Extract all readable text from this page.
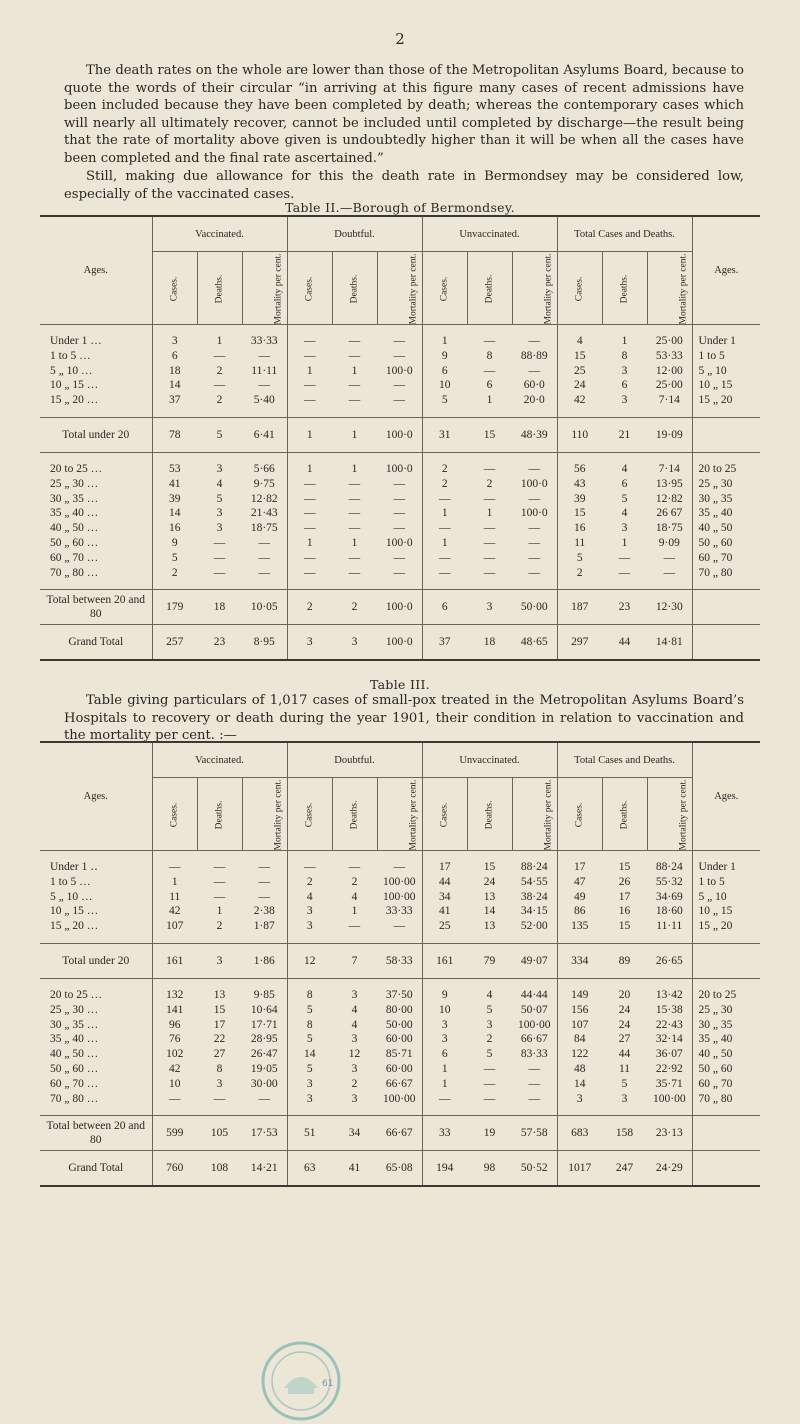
2

The death rates on the whole are lower than those of the Metropolitan Asylums Board, because to quote the words of their circular “in arriving at this figure many cases of recent admissions have been included because they have been completed by death; whereas the contemporary cases which will nearly all ultimately recover, cannot be included until completed by discharge—the result being that the rate of mortality above given is undoubtedly higher than it will be when all the cases have been completed and the final rate ascertained.”

Still, making due allowance for this the death rate in Bermondsey may be considered low, especially of the vaccinated cases.

Table II.—Borough of Bermondsey.
Ages.	Vaccinated.			Doubtful.			Unvaccinated.			Total Cases and Deaths.			Ages.
	Cases.	Deaths.	Mortality per cent.	Cases.	Deaths.	Mortality per cent.	Cases.	Deaths.	Mortality per cent.	Cases.	Deaths.	Mortality per cent.	

Under 1 …	3	1	33·33	—	—	—	1	—	—	4	1	25·00	Under 1
1 to 5 …	6	—	—	—	—	—	9	8	88·89	15	8	53·33	1 to 5
5 „ 10 …	18	2	11·11	1	1	100·0	6	—	—	25	3	12·00	5 „ 10
10 „ 15 …	14	—	—	—	—	—	10	6	60·0	24	6	25·00	10 „ 15
15 „ 20 …	37	2	5·40	—	—	—	5	1	20·0	42	3	7·14	15 „ 20

Total under 20	78	5	6·41	1	1	100·0	31	15	48·39	110	21	19·09	

20 to 25 …	53	3	5·66	1	1	100·0	2	—	—	56	4	7·14	20 to 25
25 „ 30 …	41	4	9·75	—	—	—	2	2	100·0	43	6	13·95	25 „ 30
30 „ 35 …	39	5	12·82	—	—	—	—	—	—	39	5	12·82	30 „ 35
35 „ 40 …	14	3	21·43	—	—	—	1	1	100·0	15	4	26 67	35 „ 40
40 „ 50 …	16	3	18·75	—	—	—	—	—	—	16	3	18·75	40 „ 50
50 „ 60 …	9	—	—	1	1	100·0	1	—	—	11	1	9·09	50 „ 60
60 „ 70 …	5	—	—	—	—	—	—	—	—	5	—	—	60 „ 70
70 „ 80 …	2	—	—	—	—	—	—	—	—	2	—	—	70 „ 80

Total between 20 and 80	179	18	10·05	2	2	100·0	6	3	50·00	187	23	12·30	
Grand Total	257	23	8·95	3	3	100·0	37	18	48·65	297	44	14·81	
Table III.

Table giving particulars of 1,017 cases of small-pox treated in the Metropolitan Asylums Board’s Hospitals to recovery or death during the year 1901, their condition in relation to vaccination and the mortality per cent. :—

Ages.	Vaccinated.			Doubtful.			Unvaccinated.			Total Cases and Deaths.			Ages.
	Cases.	Deaths.	Mortality per cent.	Cases.	Deaths.	Mortality per cent.	Cases.	Deaths.	Mortality per cent.	Cases.	Deaths.	Mortality per cent.	

Under 1 ‥	—	—	—	—	—	—	17	15	88·24	17	15	88·24	Under 1
1 to 5 …	1	—	—	2	2	100·00	44	24	54·55	47	26	55·32	1 to 5
5 „ 10 …	11	—	—	4	4	100·00	34	13	38·24	49	17	34·69	5 „ 10
10 „ 15 …	42	1	2·38	3	1	33·33	41	14	34·15	86	16	18·60	10 „ 15
15 „ 20 …	107	2	1·87	3	—	—	25	13	52·00	135	15	11·11	15 „ 20

Total under 20	161	3	1·86	12	7	58·33	161	79	49·07	334	89	26·65	

20 to 25 …	132	13	9·85	8	3	37·50	9	4	44·44	149	20	13·42	20 to 25
25 „ 30 …	141	15	10·64	5	4	80·00	10	5	50·07	156	24	15·38	25 „ 30
30 „ 35 …	96	17	17·71	8	4	50·00	3	3	100·00	107	24	22·43	30 „ 35
35 „ 40 …	76	22	28·95	5	3	60·00	3	2	66·67	84	27	32·14	35 „ 40
40 „ 50 …	102	27	26·47	14	12	85·71	6	5	83·33	122	44	36·07	40 „ 50
50 „ 60 …	42	8	19·05	5	3	60·00	1	—	—	48	11	22·92	50 „ 60
60 „ 70 …	10	3	30·00	3	2	66·67	1	—	—	14	5	35·71	60 „ 70
70 „ 80 …	—	—	—	3	3	100·00	—	—	—	3	3	100·00	70 „ 80

Total between 20 and 80	599	105	17·53	51	34	66·67	33	19	57·58	683	158	23·13	
Grand Total	760	108	14·21	63	41	65·08	194	98	50·52	1017	247	24·29	
61
